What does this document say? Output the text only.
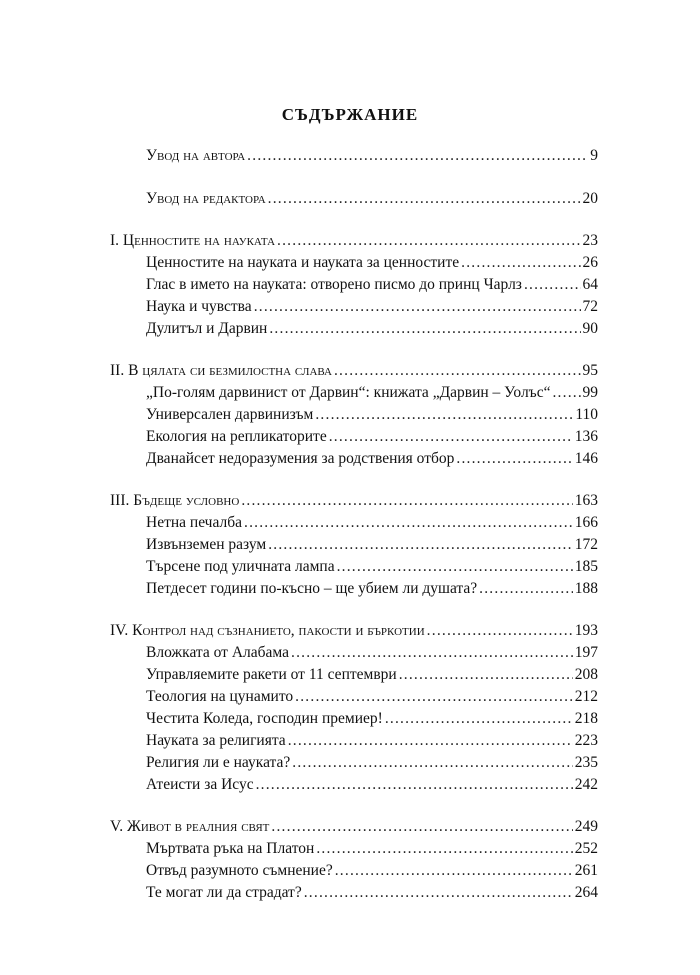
СЪДЪРЖАНИЕ
Увод на автора .....	9
Увод на редактора .....	20
I. Ценностите на науката .....	23
Ценностите на науката и науката за ценностите .....	26
Глас в името на науката: отворено писмо до принц Чарлз .....	64
Наука и чувства .....	72
Дулитъл и Дарвин .....	90
II. В цялата си безмилостна слава .....	95
„По-голям дарвинист от Дарвин“: книжата „Дарвин – Уолъс“ ..... 99
Универсален дарвинизъм .....	110
Екология на репликаторите .....	136
Дванайсет недоразумения за родствения отбор .....	146
III. Бъдеще условно .....	163
Нетна печалба .....	166
Извънземен разум .....	172
Търсене под уличната лампа .....	185
Петдесет години по-късно – ще убием ли душата? .....	188
IV. Контрол над съзнанието, пакости и бъркотии .....	193
Вложката от Алабама .....	197
Управляемите ракети от 11 септември .....	208
Теология на цунамито .....	212
Честита Коледа, господин премиер! .....	218
Науката за религията .....	223
Религия ли е науката? .....	235
Атеисти за Исус .....	242
V. Живот в реалния свят .....	249
Мъртвата ръка на Платон .....	252
Отвъд разумното съмнение? .....	261
Те могат ли да страдат? .....	264
